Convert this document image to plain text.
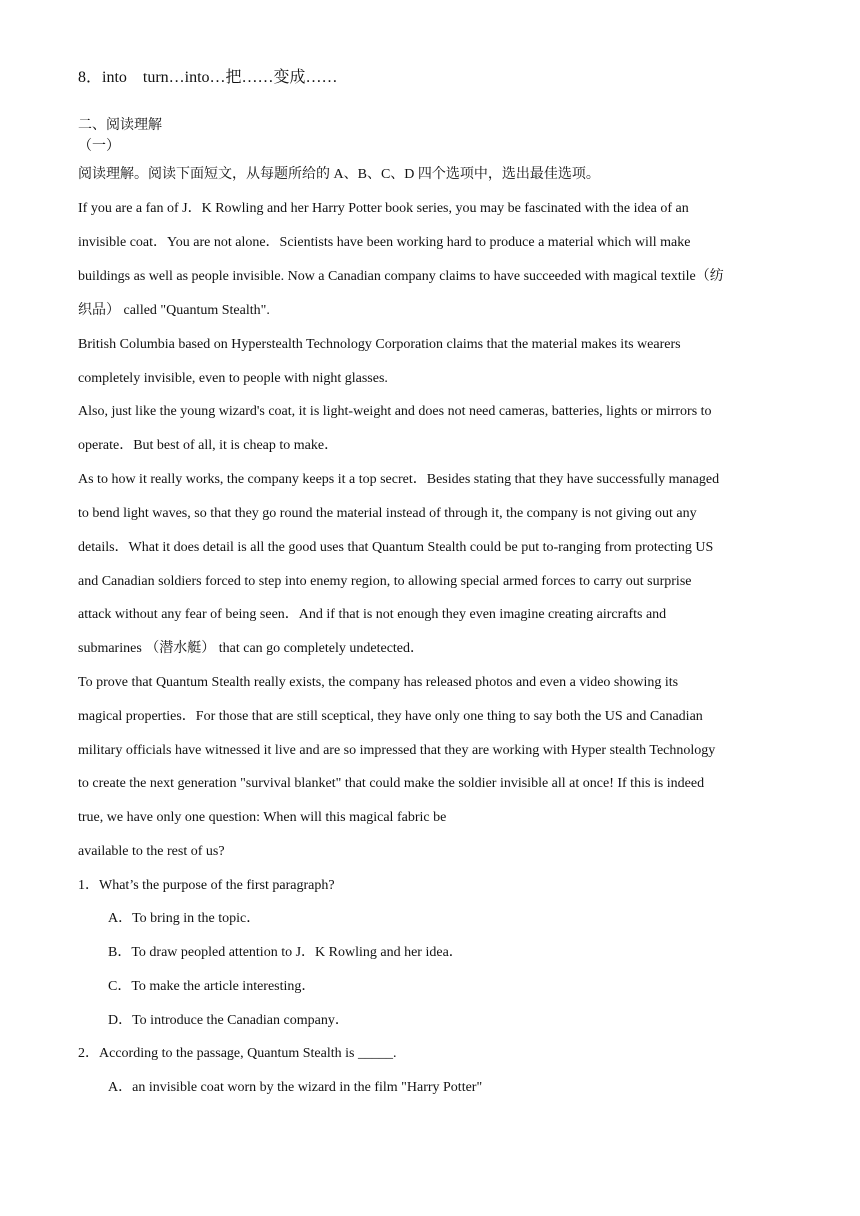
8．into　turn…into…把……变成……
二、阅读理解
（一）
阅读理解。阅读下面短文，从每题所给的 A、B、C、D 四个选项中，选出最佳选项。
If you are a fan of J．K Rowling and her Harry Potter book series, you may be fascinated with the idea of an
invisible coat．You are not alone．Scientists have been working hard to produce a material which will make
buildings as well as people invisible. Now a Canadian company claims to have succeeded with magical textile（纺
织品） called "Quantum Stealth".
British Columbia based on Hyperstealth Technology Corporation claims that the material makes its wearers
completely invisible, even to people with night glasses.
Also, just like the young wizard's coat, it is light-weight and does not need cameras, batteries, lights or mirrors to
operate．But best of all, it is cheap to make．
As to how it really works, the company keeps it a top secret．Besides stating that they have successfully managed
to bend light waves, so that they go round the material instead of through it, the company is not giving out any
details．What it does detail is all the good uses that Quantum Stealth could be put to-ranging from protecting US
and Canadian soldiers forced to step into enemy region, to allowing special armed forces to carry out surprise
attack without any fear of being seen．And if that is not enough they even imagine creating aircrafts and
submarines （潜水艇） that can go completely undetected．
To prove that Quantum Stealth really exists, the company has released photos and even a video showing its
magical properties．For those that are still sceptical, they have only one thing to say both the US and Canadian
military officials have witnessed it live and are so impressed that they are working with Hyper stealth Technology
to create the next generation "survival blanket" that could make the soldier invisible all at once! If this is indeed
true, we have only one question: When will this magical fabric be
available to the rest of us?
1．What’s the purpose of the first paragraph?
A．To bring in the topic．
B．To draw peopled attention to J．K Rowling and her idea．
C．To make the article interesting．
D．To introduce the Canadian company．
2．According to the passage, Quantum Stealth is _____.
A．an invisible coat worn by the wizard in the film "Harry Potter"
